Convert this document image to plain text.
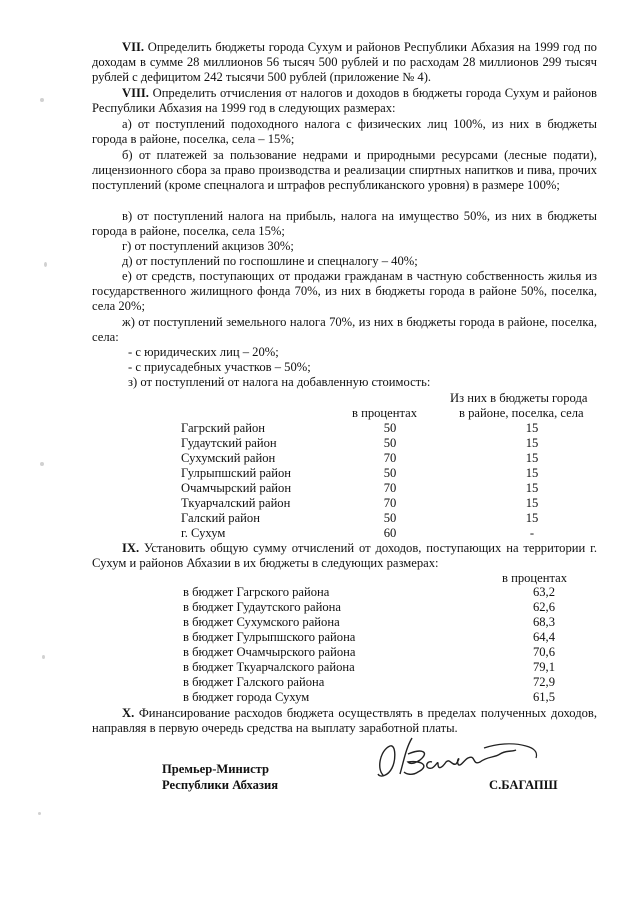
VII. Определить бюджеты города Сухум и районов Республики Абхазия на 1999 год по доходам в сумме 28 миллионов 56 тысяч 500 рублей и по расходам 28 миллионов 299 тысяч рублей с дефицитом 242 тысячи 500 рублей (приложение № 4).

VIII. Определить отчисления от налогов и доходов в бюджеты города Сухум и районов Республики Абхазия на 1999 год в следующих размерах:

а) от поступлений подоходного налога с физических лиц 100%, из них в бюджеты города в районе, поселка, села – 15%;

б) от платежей за пользование недрами и природными ресурсами (лесные подати), лицензионного сбора за право производства и реализации спиртных напитков и пива, прочих поступлений (кроме спецналога и штрафов республиканского уровня) в размере 100%;

в) от поступлений налога на прибыль, налога на имущество 50%, из них в бюджеты города в районе, поселка, села 15%;

г) от поступлений акцизов 30%;

д) от поступлений по госпошлине и спецналогу – 40%;

е) от средств, поступающих от продажи гражданам в частную собственность жилья из государственного жилищного фонда 70%, из них в бюджеты города в районе 50%, поселка, села 20%;

ж) от поступлений земельного налога 70%, из них в бюджеты города в районе, поселка, села:

- с юридических лиц – 20%;
- с приусадебных участков – 50%;
з) от поступлений от налога на добавленную стоимость:
Из них в бюджеты города
в процентах	в районе, поселка, села
Гагрский район	50	15
Гудаутский район	50	15
Сухумский район	70	15
Гулрыпшский район	50	15
Очамчырский район	70	15
Ткуарчалский район	70	15
Галский район	50	15
г. Сухум	60	-

IX. Установить общую сумму отчислений от доходов, поступающих на территории г. Сухум и районов Абхазии в их бюджеты в следующих размерах:

в процентах
в бюджет Гагрского района	63,2
в бюджет Гудаутского района	62,6
в бюджет Сухумского района	68,3
в бюджет Гулрыпшского района	64,4
в бюджет Очамчырского района	70,6
в бюджет Ткуарчалского района	79,1
в бюджет Галского района	72,9
в бюджет города Сухум	61,5

X. Финансирование расходов бюджета осуществлять в пределах полученных доходов, направляя в первую очередь средства на выплату заработной платы.

Премьер-Министр
Республики Абхазия	С.БАГАПШ
